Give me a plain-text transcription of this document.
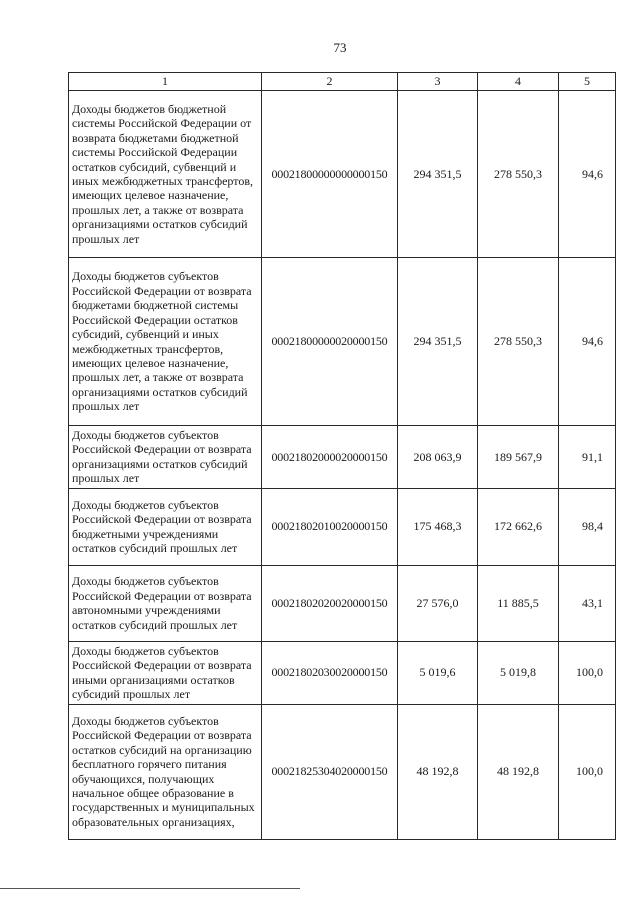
73
1	2	3	4	5
Доходы бюджетов бюджетной системы Российской Федерации от возврата бюджетами бюджетной системы Российской Федерации остатков субсидий, субвенций и иных межбюджетных трансфертов, имеющих целевое назначение, прошлых лет, а также от возврата организациями остатков субсидий прошлых лет	00021800000000000150	294 351,5	278 550,3	94,6
Доходы бюджетов субъектов Российской Федерации от возврата бюджетами бюджетной системы Российской Федерации остатков субсидий, субвенций и иных межбюджетных трансфертов, имеющих целевое назначение, прошлых лет, а также от возврата организациями остатков субсидий прошлых лет	00021800000020000150	294 351,5	278 550,3	94,6
Доходы бюджетов субъектов Российской Федерации от возврата организациями остатков субсидий прошлых лет	00021802000020000150	208 063,9	189 567,9	91,1
Доходы бюджетов субъектов Российской Федерации от возврата бюджетными учреждениями остатков субсидий прошлых лет	00021802010020000150	175 468,3	172 662,6	98,4
Доходы бюджетов субъектов Российской Федерации от возврата автономными учреждениями остатков субсидий прошлых лет	00021802020020000150	27 576,0	11 885,5	43,1
Доходы бюджетов субъектов Российской Федерации от возврата иными организациями остатков субсидий прошлых лет	00021802030020000150	5 019,6	5 019,8	100,0
Доходы бюджетов субъектов Российской Федерации от возврата остатков субсидий на организацию бесплатного горячего питания обучающихся, получающих начальное общее образование в государственных и муниципальных образовательных организациях,	00021825304020000150	48 192,8	48 192,8	100,0
